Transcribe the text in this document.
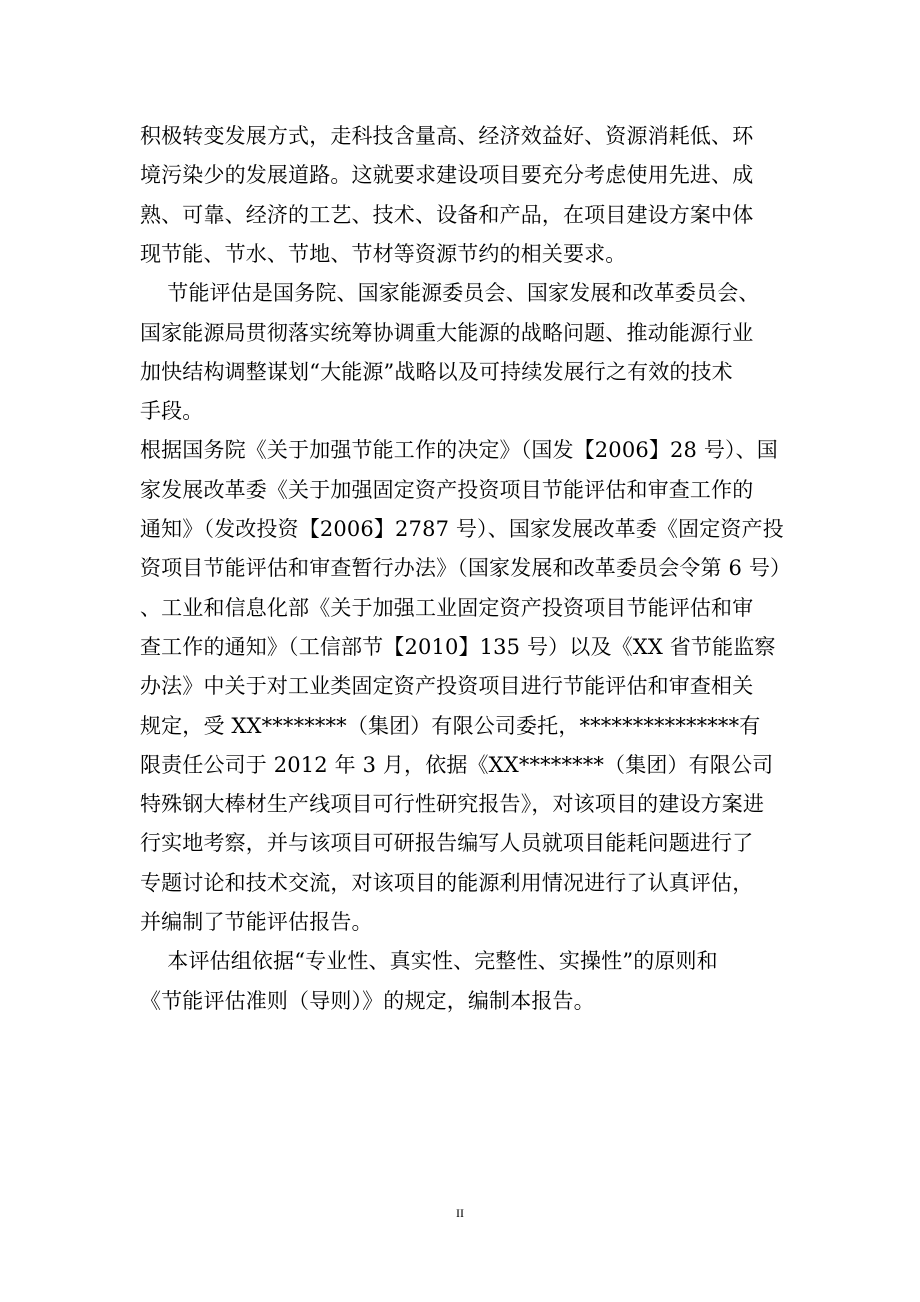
积极转变发展方式，走科技含量高、经济效益好、资源消耗低、环
境污染少的发展道路。这就要求建设项目要充分考虑使用先进、成
熟、可靠、经济的工艺、技术、设备和产品，在项目建设方案中体
现节能、节水、节地、节材等资源节约的相关要求。
节能评估是国务院、国家能源委员会、国家发展和改革委员会、
国家能源局贯彻落实统筹协调重大能源的战略问题、推动能源行业
加快结构调整谋划“大能源”战略以及可持续发展行之有效的技术
手段。
根据国务院《关于加强节能工作的决定》（国发【2006】28 号）、国
家发展改革委《关于加强固定资产投资项目节能评估和审查工作的
通知》（发改投资【2006】2787 号）、国家发展改革委《固定资产投
资项目节能评估和审查暂行办法》（国家发展和改革委员会令第 6 号）
、工业和信息化部《关于加强工业固定资产投资项目节能评估和审
查工作的通知》（工信部节【2010】135 号）以及《XX 省节能监察
办法》中关于对工业类固定资产投资项目进行节能评估和审查相关
规定，受 XX********（集团）有限公司委托，***************有
限责任公司于 2012 年 3 月，依据《XX********（集团）有限公司
特殊钢大棒材生产线项目可行性研究报告》，对该项目的建设方案进
行实地考察，并与该项目可研报告编写人员就项目能耗问题进行了
专题讨论和技术交流，对该项目的能源利用情况进行了认真评估，
并编制了节能评估报告。
本评估组依据“专业性、真实性、完整性、实操性”的原则和
《节能评估准则（导则）》的规定，编制本报告。
II
